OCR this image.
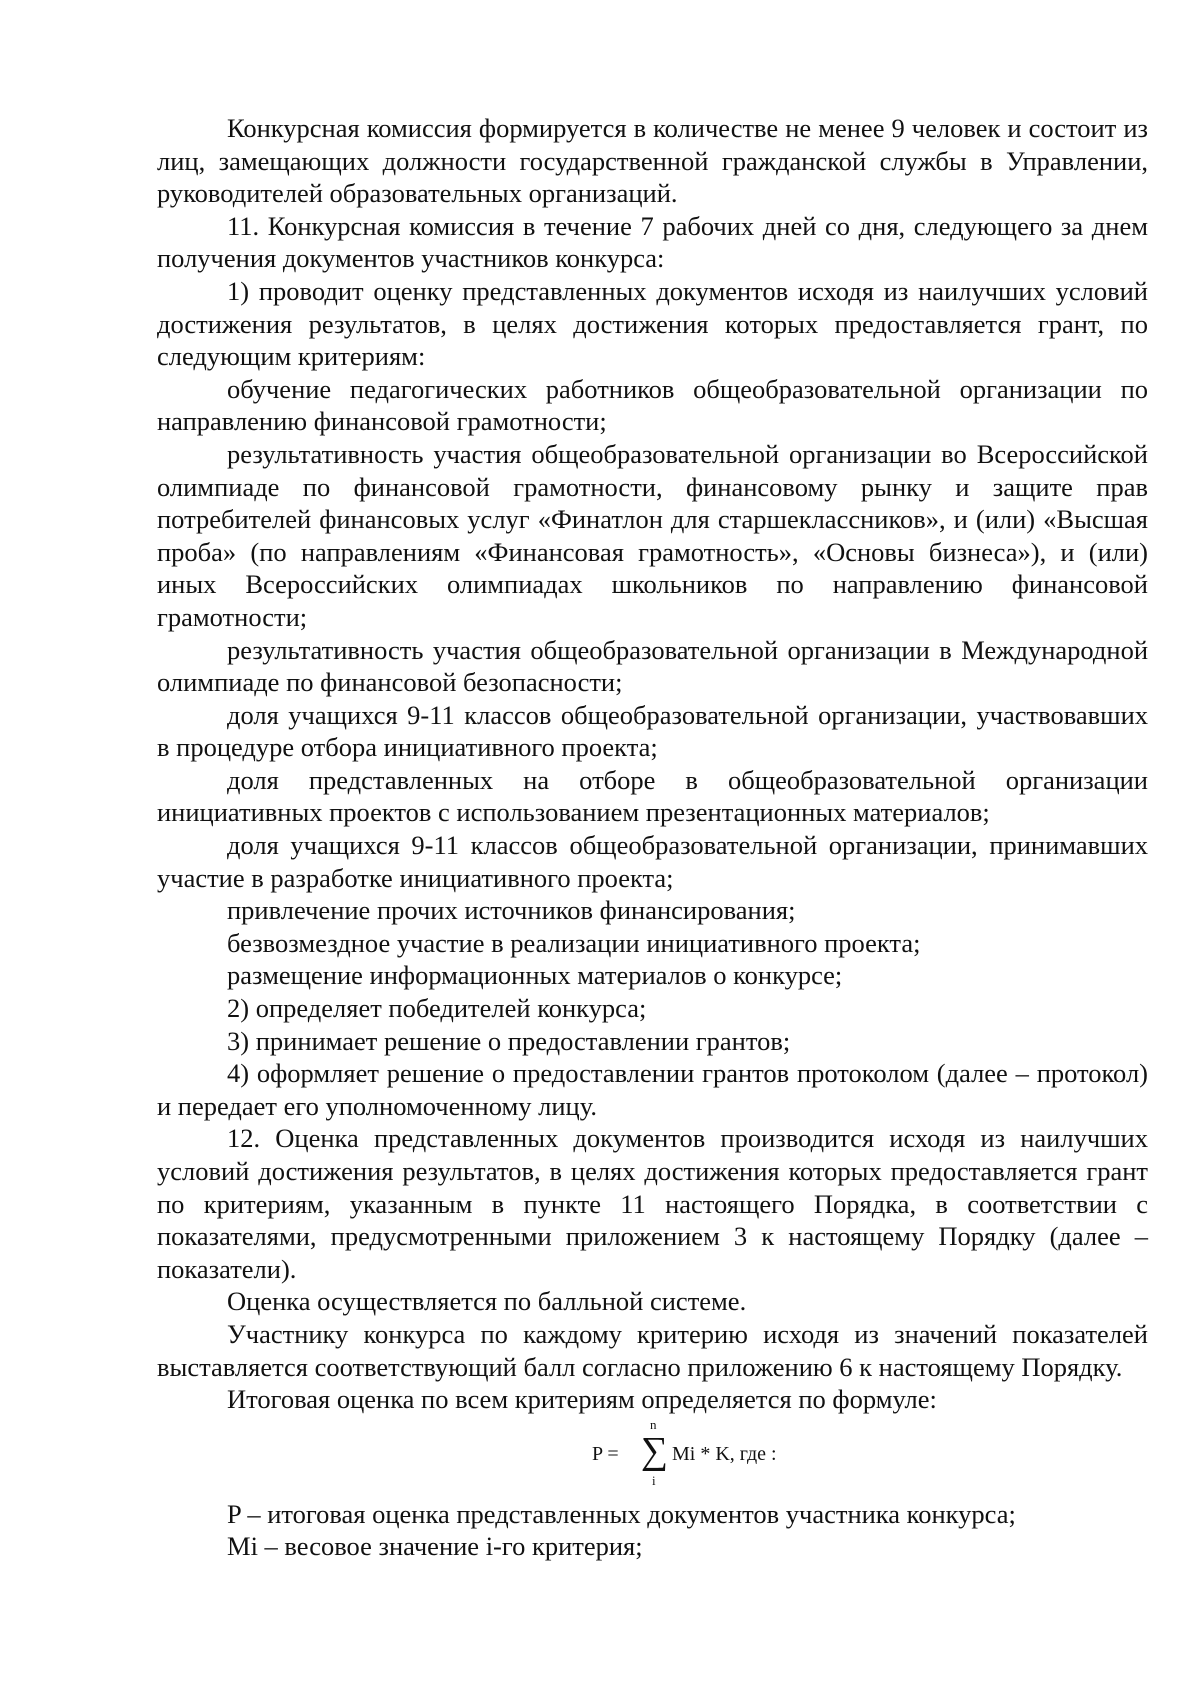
Конкурсная комиссия формируется в количестве не менее 9 человек и состоит из лиц, замещающих должности государственной гражданской службы в Управлении, руководителей образовательных организаций.

11. Конкурсная комиссия в течение 7 рабочих дней со дня, следующего за днем получения документов участников конкурса:

1) проводит оценку представленных документов исходя из наилучших условий достижения результатов, в целях достижения которых предоставляется грант, по следующим критериям:

обучение педагогических работников общеобразовательной организации по направлению финансовой грамотности;

результативность участия общеобразовательной организации во Всероссийской олимпиаде по финансовой грамотности, финансовому рынку и защите прав потребителей финансовых услуг «Финатлон для старшеклассников», и (или) «Высшая проба» (по направлениям «Финансовая грамотность», «Основы бизнеса»), и (или) иных Всероссийских олимпиадах школьников по направлению финансовой грамотности;

результативность участия общеобразовательной организации в Международной олимпиаде по финансовой безопасности;

доля учащихся 9-11 классов общеобразовательной организации, участвовавших в процедуре отбора инициативного проекта;

доля представленных на отборе в общеобразовательной организации инициативных проектов с использованием презентационных материалов;

доля учащихся 9-11 классов общеобразовательной организации, принимавших участие в разработке инициативного проекта;

привлечение прочих источников финансирования;

безвозмездное участие в реализации инициативного проекта;

размещение информационных материалов о конкурсе;

2) определяет победителей конкурса;

3) принимает решение о предоставлении грантов;

4) оформляет решение о предоставлении грантов протоколом (далее – протокол) и передает его уполномоченному лицу.

12. Оценка представленных документов производится исходя из наилучших условий достижения результатов, в целях достижения которых предоставляется грант по критериям, указанным в пункте 11 настоящего Порядка, в соответствии с показателями, предусмотренными приложением 3 к настоящему Порядку (далее – показатели).

Оценка осуществляется по балльной системе.

Участнику конкурса по каждому критерию исходя из значений показателей выставляется соответствующий балл согласно приложению 6 к настоящему Порядку.

Итоговая оценка по всем критериям определяется по формуле:

P =
n
∑
i
Mi * K, где :

P – итоговая оценка представленных документов участника конкурса;

Mi – весовое значение i-го критерия;
